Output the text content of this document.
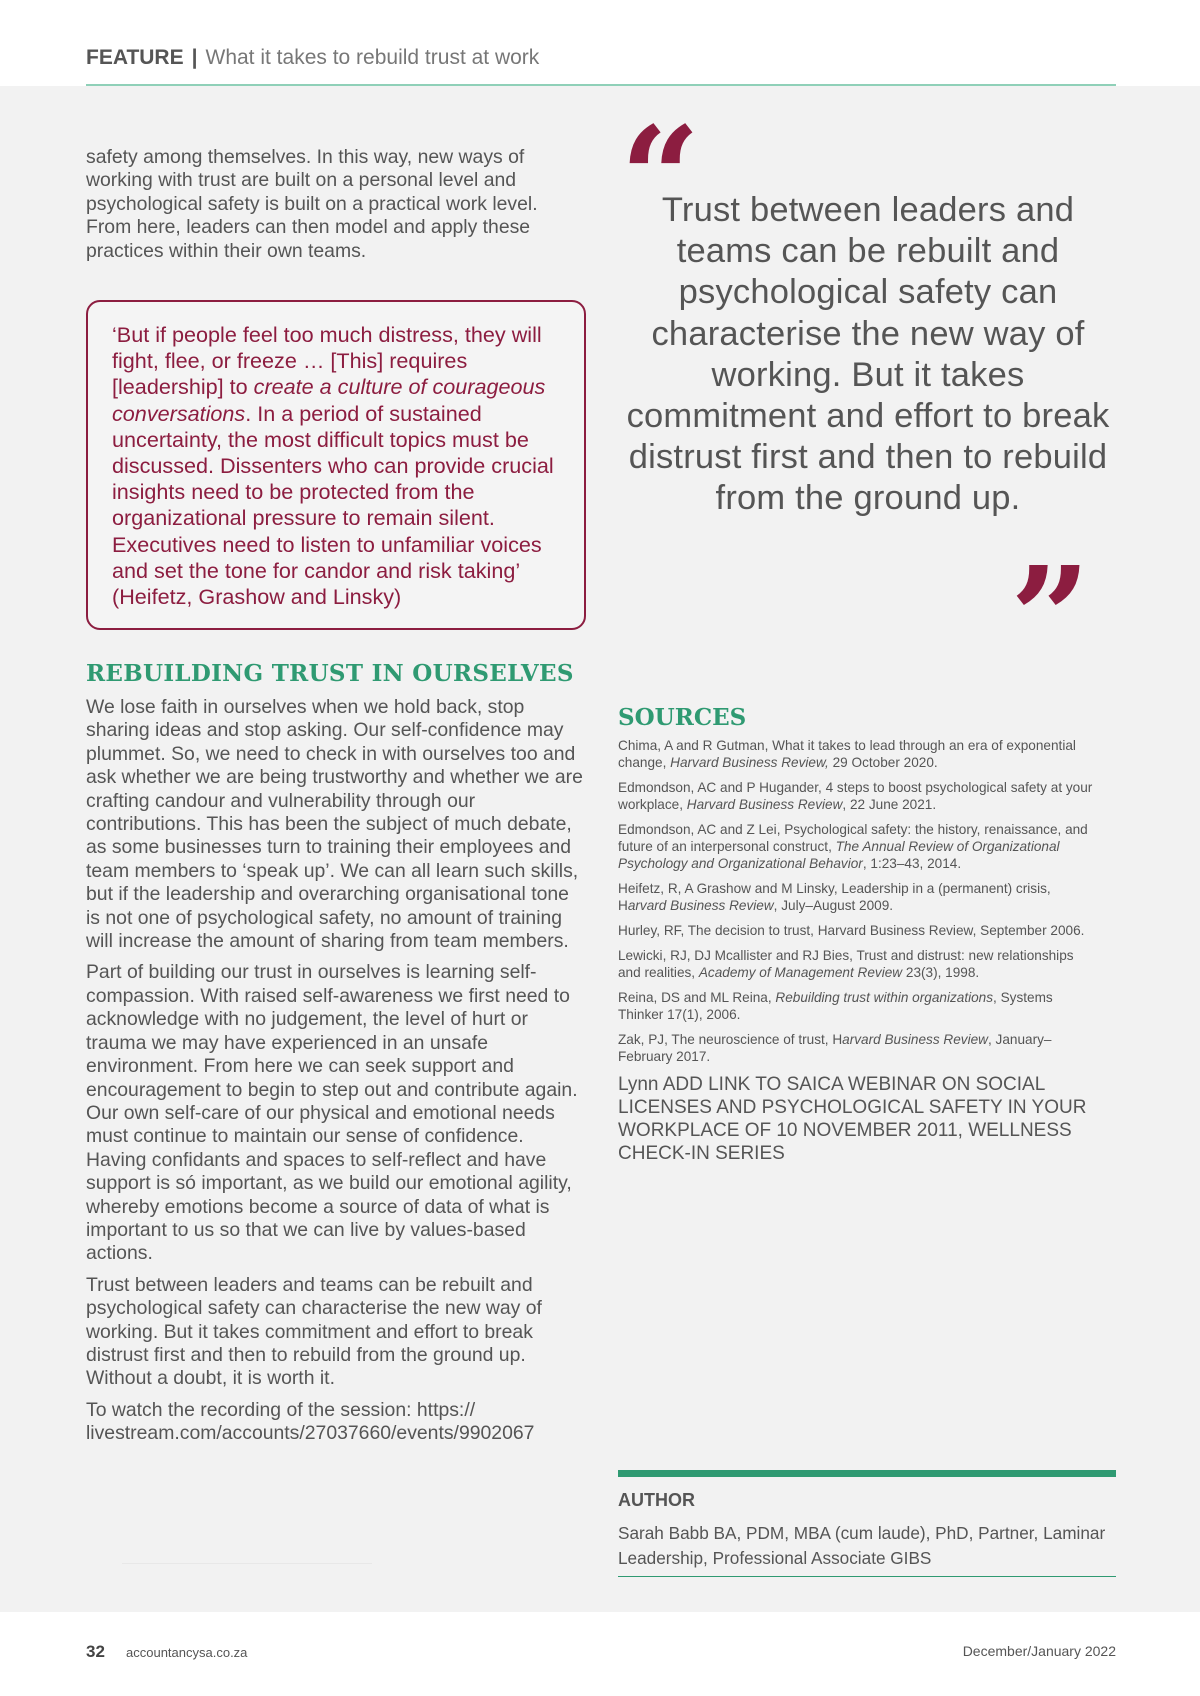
FEATURE | What it takes to rebuild trust at work

safety among themselves. In this way, new ways of working with trust are built on a personal level and psychological safety is built on a practical work level. From here, leaders can then model and apply these practices within their own teams.

‘But if people feel too much distress, they will fight, flee, or freeze … [This] requires [leadership] to create a culture of courageous conversations. In a period of sustained uncertainty, the most difficult topics must be discussed. Dissenters who can provide crucial insights need to be protected from the organizational pressure to remain silent. Executives need to listen to unfamiliar voices and set the tone for candor and risk taking’ (Heifetz, Grashow and Linsky)

REBUILDING TRUST IN OURSELVES

We lose faith in ourselves when we hold back, stop sharing ideas and stop asking. Our self-confidence may plummet. So, we need to check in with ourselves too and ask whether we are being trustworthy and whether we are crafting candour and vulnerability through our contributions. This has been the subject of much debate, as some businesses turn to training their employees and team members to ‘speak up’. We can all learn such skills, but if the leadership and overarching organisational tone is not one of psychological safety, no amount of training will increase the amount of sharing from team members.

Part of building our trust in ourselves is learning self-compassion. With raised self-awareness we first need to acknowledge with no judgement, the level of hurt or trauma we may have experienced in an unsafe environment. From here we can seek support and encouragement to begin to step out and contribute again. Our own self-care of our physical and emotional needs must continue to maintain our sense of confidence. Having confidants and spaces to self-reflect and have support is só important, as we build our emotional agility, whereby emotions become a source of data of what is important to us so that we can live by values-based actions.

Trust between leaders and teams can be rebuilt and psychological safety can characterise the new way of working. But it takes commitment and effort to break distrust first and then to rebuild from the ground up. Without a doubt, it is worth it.

To watch the recording of the session: https:// livestream.com/accounts/27037660/events/9902067

“
Trust between leaders and teams can be rebuilt and psychological safety can characterise the new way of working. But it takes commitment and effort to break distrust first and then to rebuild from the ground up.
”
SOURCES

Chima, A and R Gutman, What it takes to lead through an era of exponential change, Harvard Business Review, 29 October 2020.

Edmondson, AC and P Hugander, 4 steps to boost psychological safety at your workplace, Harvard Business Review, 22 June 2021.

Edmondson, AC and Z Lei, Psychological safety: the history, renaissance, and future of an interpersonal construct, The Annual Review of Organizational Psychology and Organizational Behavior, 1:23–43, 2014.

Heifetz, R, A Grashow and M Linsky, Leadership in a (permanent) crisis, Harvard Business Review, July–August 2009.

Hurley, RF, The decision to trust, Harvard Business Review, September 2006.

Lewicki, RJ, DJ Mcallister and RJ Bies, Trust and distrust: new relationships and realities, Academy of Management Review 23(3), 1998.

Reina, DS and ML Reina, Rebuilding trust within organizations, Systems Thinker 17(1), 2006.

Zak, PJ, The neuroscience of trust, Harvard Business Review, January–February 2017.

Lynn ADD LINK TO SAICA WEBINAR ON SOCIAL LICENSES AND PSYCHOLOGICAL SAFETY IN YOUR WORKPLACE OF 10 NOVEMBER 2011, WELLNESS CHECK-IN SERIES

AUTHOR

Sarah Babb BA, PDM, MBA (cum laude), PhD, Partner, Laminar Leadership, Professional Associate GIBS

32 accountancysa.co.za	December/January 2022
